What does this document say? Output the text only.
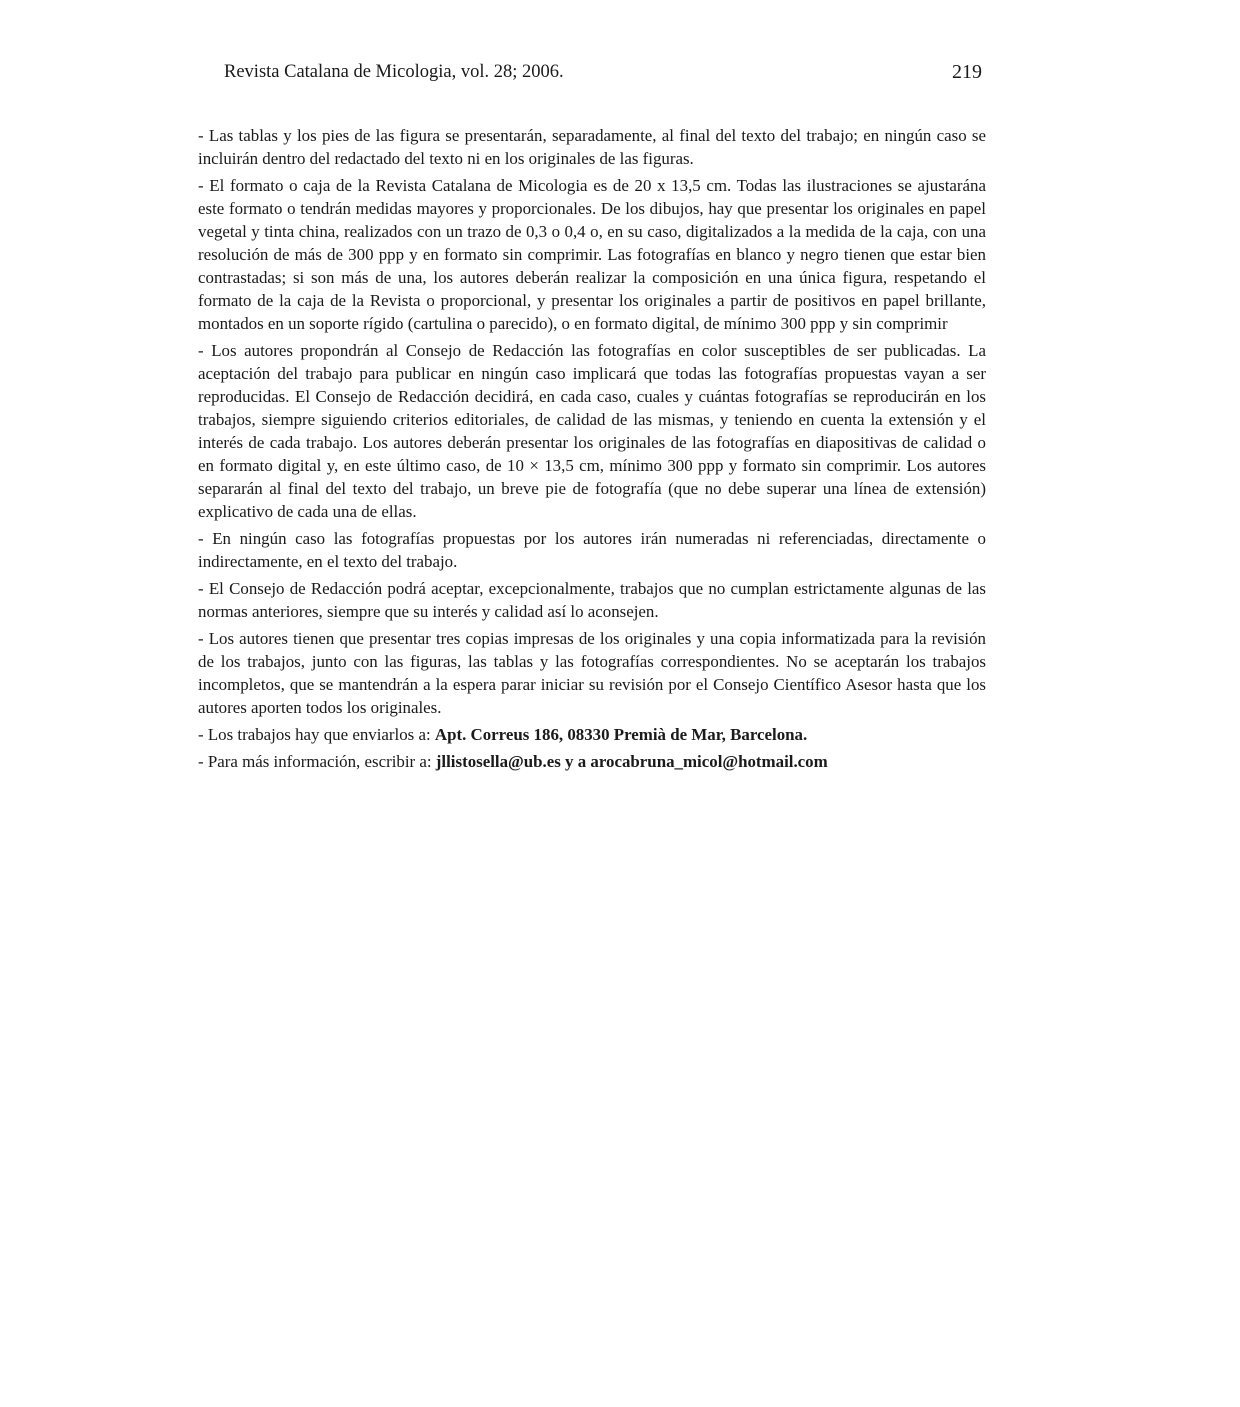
Revista Catalana de Micologia, vol. 28; 2006.	219

- Las tablas y los pies de las figura se presentarán, separadamente, al final del texto del trabajo; en ningún caso se incluirán dentro del redactado del texto ni en los originales de las figuras.

- El formato o caja de la Revista Catalana de Micologia es de 20 x 13,5 cm. Todas las ilustraciones se ajustarána este formato o tendrán medidas mayores y proporcionales. De los dibujos, hay que presentar los originales en papel vegetal y tinta china, realizados con un trazo de 0,3 o 0,4 o, en su caso, digitalizados a la medida de la caja, con una resolución de más de 300 ppp y en formato sin comprimir. Las fotografías en blanco y negro tienen que estar bien contrastadas; si son más de una, los autores deberán realizar la composición en una única figura, respetando el formato de la caja de la Revista o proporcional, y presentar los originales a partir de positivos en papel brillante, montados en un soporte rígido (cartulina o parecido), o en formato digital, de mínimo 300 ppp y sin comprimir

- Los autores propondrán al Consejo de Redacción las fotografías en color susceptibles de ser publicadas. La aceptación del trabajo para publicar en ningún caso implicará que todas las fotografías propuestas vayan a ser reproducidas. El Consejo de Redacción decidirá, en cada caso, cuales y cuántas fotografías se reproducirán en los trabajos, siempre siguiendo criterios editoriales, de calidad de las mismas, y teniendo en cuenta la extensión y el interés de cada trabajo. Los autores deberán presentar los originales de las fotografías en diapositivas de calidad o en formato digital y, en este último caso, de 10 × 13,5 cm, mínimo 300 ppp y formato sin comprimir. Los autores separarán al final del texto del trabajo, un breve pie de fotografía (que no debe superar una línea de extensión) explicativo de cada una de ellas.

- En ningún caso las fotografías propuestas por los autores irán numeradas ni referenciadas, directamente o indirectamente, en el texto del trabajo.

- El Consejo de Redacción podrá aceptar, excepcionalmente, trabajos que no cumplan estrictamente algunas de las normas anteriores, siempre que su interés y calidad así lo aconsejen.

- Los autores tienen que presentar tres copias impresas de los originales y una copia informatizada para la revisión de los trabajos, junto con las figuras, las tablas y las fotografías correspondientes. No se aceptarán los trabajos incompletos, que se mantendrán a la espera parar iniciar su revisión por el Consejo Científico Asesor hasta que los autores aporten todos los originales.

- Los trabajos hay que enviarlos a: Apt. Correus 186, 08330 Premià de Mar, Barcelona.

- Para más información, escribir a: jllistosella@ub.es y a arocabruna_micol@hotmail.com
